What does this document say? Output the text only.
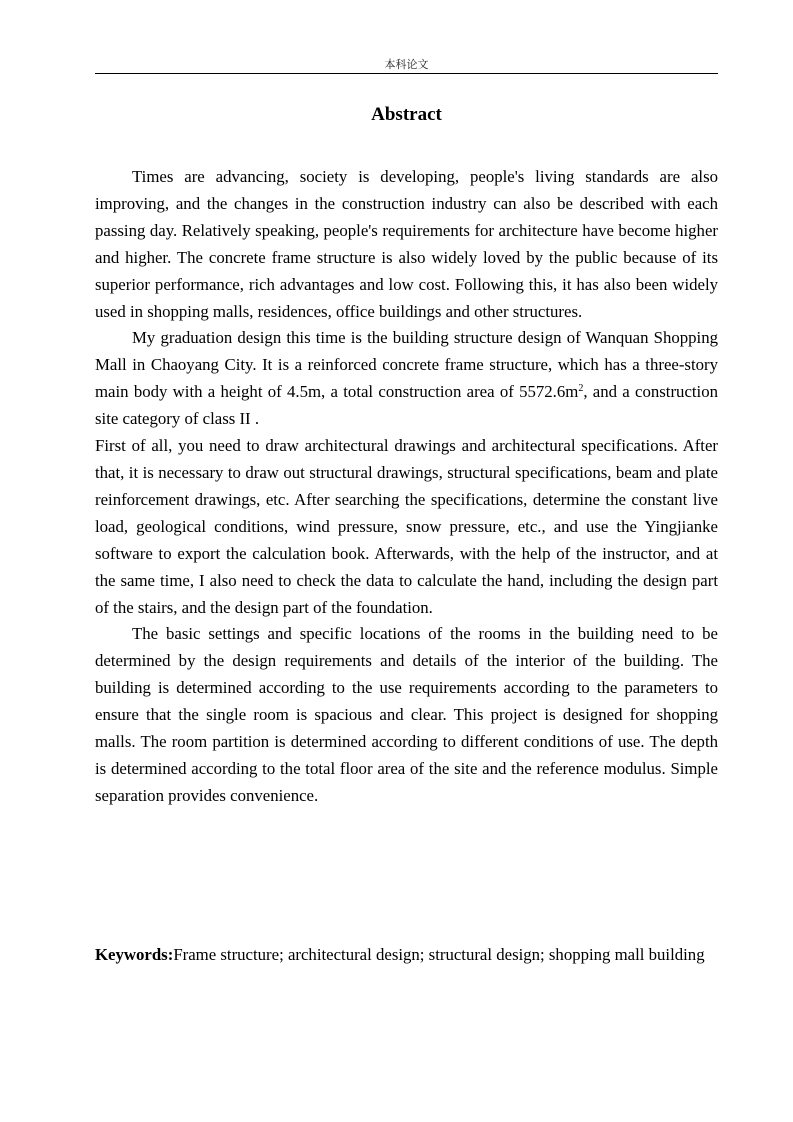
本科论文
Abstract

Times are advancing, society is developing, people's living standards are also improving, and the changes in the construction industry can also be described with each passing day. Relatively speaking, people's requirements for architecture have become higher and higher. The concrete frame structure is also widely loved by the public because of its superior performance, rich advantages and low cost. Following this, it has also been widely used in shopping malls, residences, office buildings and other structures.

My graduation design this time is the building structure design of Wanquan Shopping Mall in Chaoyang City. It is a reinforced concrete frame structure, which has a three-story main body with a height of 4.5m, a total construction area of $5572.6m^2$, and a construction site category of class II .

First of all, you need to draw architectural drawings and architectural specifications. After that, it is necessary to draw out structural drawings, structural specifications, beam and plate reinforcement drawings, etc. After searching the specifications, determine the constant live load, geological conditions, wind pressure, snow pressure, etc., and use the Yingjianke software to export the calculation book. Afterwards, with the help of the instructor, and at the same time, I also need to check the data to calculate the hand, including the design part of the stairs, and the design part of the foundation.

The basic settings and specific locations of the rooms in the building need to be determined by the design requirements and details of the interior of the building. The building is determined according to the use requirements according to the parameters to ensure that the single room is spacious and clear. This project is designed for shopping malls. The room partition is determined according to different conditions of use. The depth is determined according to the total floor area of the site and the reference modulus. Simple separation provides convenience.

Keywords:Frame structure; architectural design; structural design; shopping mall building
